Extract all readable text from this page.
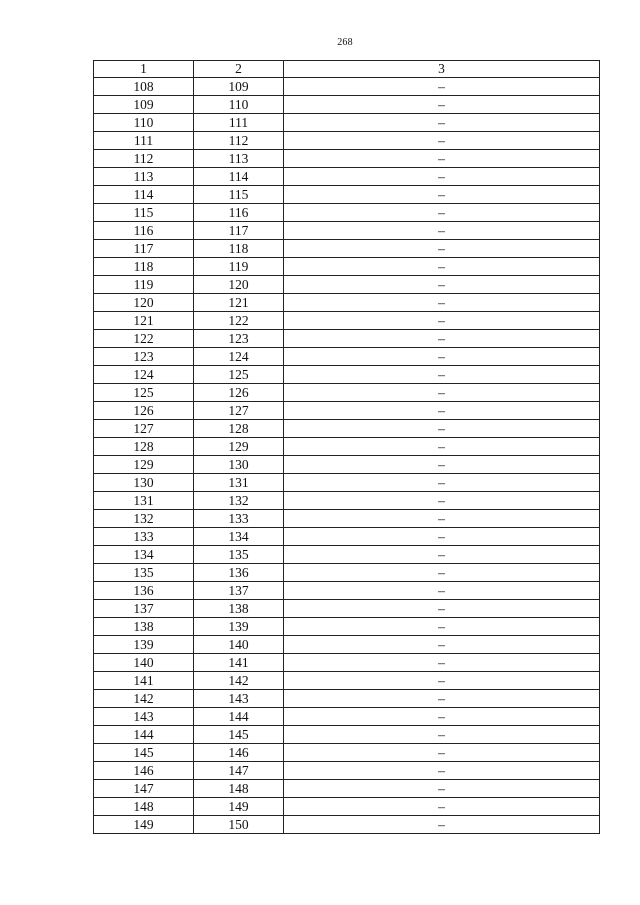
268
1	2	3
108	109	–
109	110	–
110	111	–
111	112	–
112	113	–
113	114	–
114	115	–
115	116	–
116	117	–
117	118	–
118	119	–
119	120	–
120	121	–
121	122	–
122	123	–
123	124	–
124	125	–
125	126	–
126	127	–
127	128	–
128	129	–
129	130	–
130	131	–
131	132	–
132	133	–
133	134	–
134	135	–
135	136	–
136	137	–
137	138	–
138	139	–
139	140	–
140	141	–
141	142	–
142	143	–
143	144	–
144	145	–
145	146	–
146	147	–
147	148	–
148	149	–
149	150	–
